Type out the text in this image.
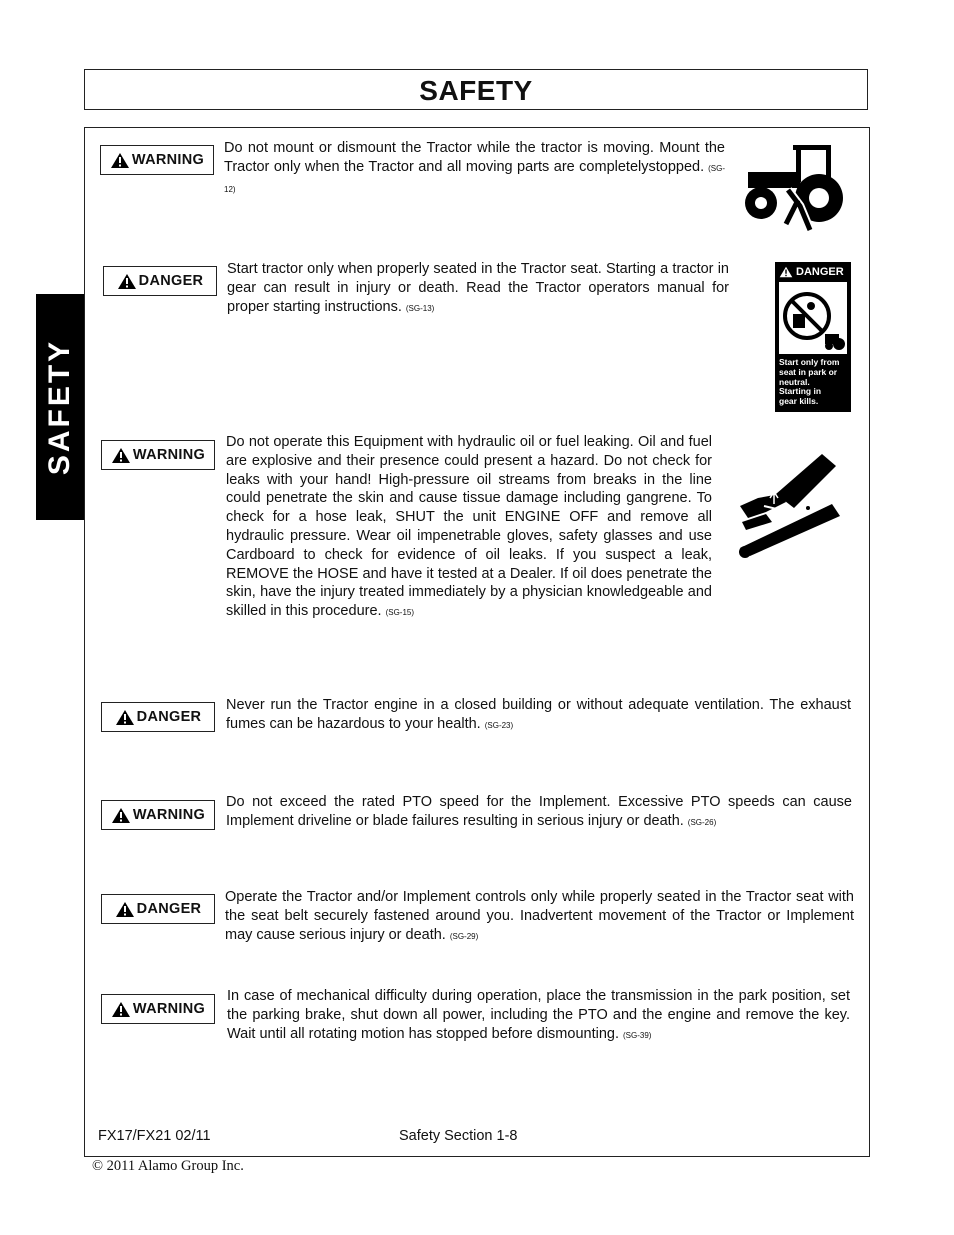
SAFETY
SAFETY
WARNING
Do not mount or dismount the Tractor while the tractor is moving. Mount the Tractor only when the Tractor and all moving parts are completelystopped. (SG-12)
DANGER
Start tractor only when properly seated in the Tractor seat. Starting a tractor in gear can result in injury or death. Read the Tractor operators manual for proper starting instructions. (SG-13)
DANGER
Start only from
seat in park or
neutral.
Starting in
gear kills.
WARNING
Do not operate this Equipment with hydraulic oil or fuel leaking. Oil and fuel are explosive and their presence could present a hazard. Do not check for leaks with your hand! High-pressure oil streams from breaks in the line could penetrate the skin and cause tissue damage including gangrene. To check for a hose leak, SHUT the unit ENGINE OFF and remove all hydraulic pressure. Wear oil impenetrable gloves, safety glasses and use Cardboard to check for evidence of oil leaks. If you suspect a leak, REMOVE the HOSE and have it tested at a Dealer. If oil does penetrate the skin, have the injury treated immediately by a physician knowledgeable and skilled in this procedure. (SG-15)
DANGER
Never run the Tractor engine in a closed building or without adequate ventilation. The exhaust fumes can be hazardous to your health. (SG-23)
WARNING
Do not exceed the rated PTO speed for the Implement. Excessive PTO speeds can cause Implement driveline or blade failures resulting in serious injury or death. (SG-26)
DANGER
Operate the Tractor and/or Implement controls only while properly seated in the Tractor seat with the seat belt securely fastened around you. Inadvertent movement of the Tractor or Implement may cause serious injury or death. (SG-29)
WARNING
In case of mechanical difficulty during operation, place the transmission in the park position, set the parking brake, shut down all power, including the PTO and the engine and remove the key. Wait until all rotating motion has stopped before dismounting. (SG-39)
FX17/FX21 02/11	Safety Section 1-8
© 2011 Alamo Group Inc.
